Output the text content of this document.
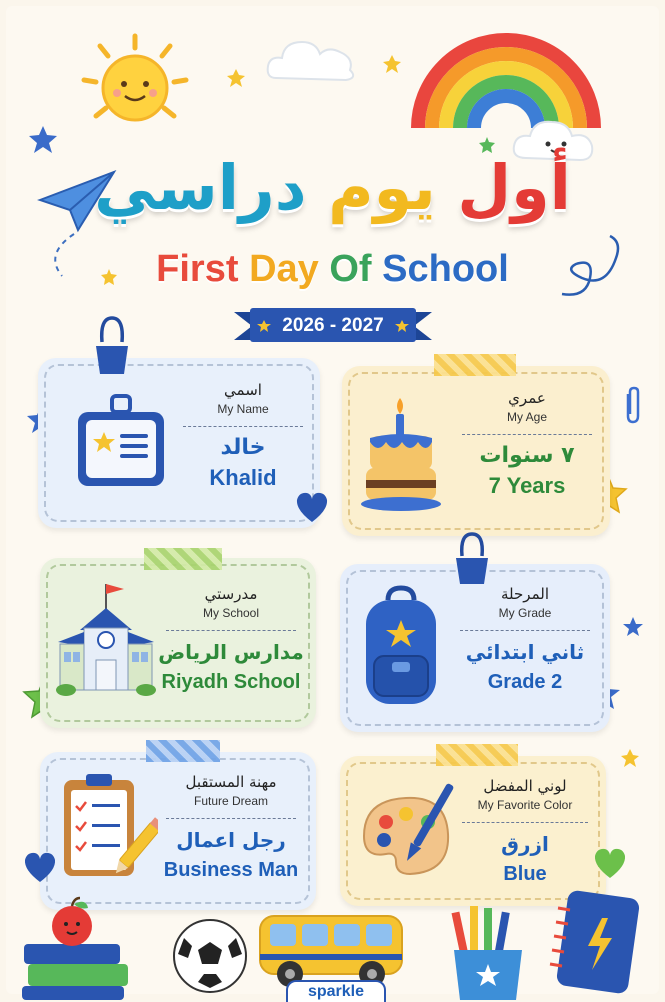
أول يوم دراسي
First Day Of School
2026 - 2027
اسمي
My Name
خالد
Khalid
عمري
My Age
٧ سنوات
7 Years
مدرستي
My School
مدارس الرياض
Riyadh School
المرحلة
My Grade
ثاني ابتدائي
Grade 2
مهنة المستقبل
Future Dream
رجل اعمال
Business Man
لوني المفضل
My Favorite Color
ازرق
Blue
sparkle
